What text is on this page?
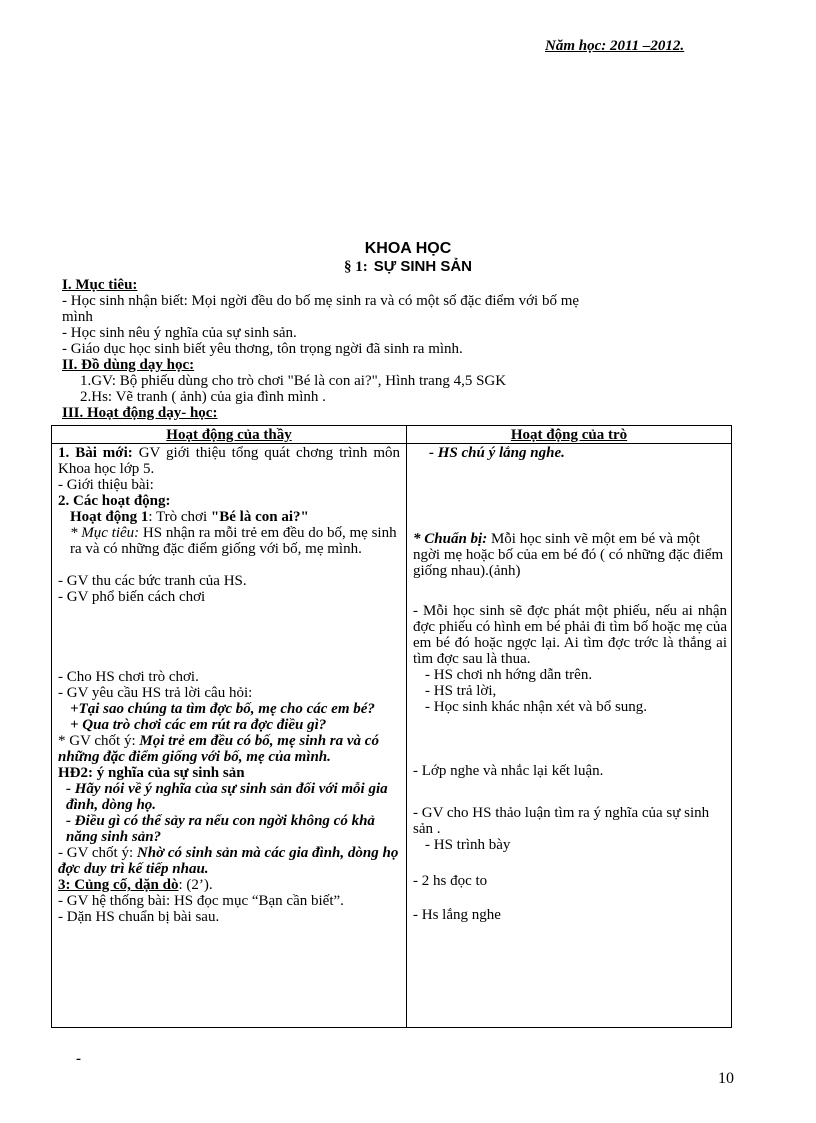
Năm học: 2011 –2012.
KHOA HỌC
§ 1: SỰ SINH SẢN
I. Mục tiêu:
- Học sinh nhận biết: Mọi ngời đều do bố mẹ sinh ra và có một số đặc điểm với bố mẹ
mình
- Học sinh nêu ý nghĩa của sự sinh sản.
- Giáo dục học sinh biết yêu thơng, tôn trọng ngời đã sinh ra mình.
II. Đồ dùng dạy học:
1.GV: Bộ phiếu dùng cho trò chơi "Bé là con ai?", Hình trang 4,5 SGK
2.Hs: Vẽ tranh ( ảnh) của gia đình mình .
III. Hoạt động dạy- học:
Hoạt động của thầy	Hoạt động của trò
1. Bài mới: GV giới thiệu tổng quát chơng trình môn Khoa học lớp 5.
- Giới thiệu bài:
2. Các hoạt động:
Hoạt động 1: Trò chơi "Bé là con ai?"
* Mục tiêu: HS nhận ra mỗi trẻ em đều do bố, mẹ sinh ra và có những đặc điểm giống với bố, mẹ mình.
- GV thu các bức tranh của HS.
- GV phổ biến cách chơi
- Cho HS chơi trò chơi.
- GV yêu cầu HS trả lời câu hỏi:
+Tại sao chúng ta tìm đợc bố, mẹ cho các em bé?
+ Qua trò chơi các em rút ra đợc điều gì?
* GV chốt ý: Mọi trẻ em đều có bố, mẹ sinh ra và có những đặc điểm giống với bố, mẹ của mình.
HĐ2: ý nghĩa của sự sinh sản
- Hãy nói về ý nghĩa của sự sinh sản đối với mỗi gia đình, dòng họ.
- Điều gì có thể sảy ra nếu con ngời không có khả năng sinh sản?
- GV chốt ý: Nhờ có sinh sản mà các gia đình, dòng họ đợc duy trì kế tiếp nhau.
3: Củng cố, dặn dò: (2’).
- GV hệ thống bài: HS đọc mục “Bạn cần biết”.
- Dặn HS chuẩn bị bài sau.
- HS chú ý lắng nghe.
* Chuẩn bị: Mỗi học sinh vẽ một em bé và một ngời mẹ hoặc bố của em bé đó ( có những đặc điểm giống nhau).(ảnh)
- Mỗi học sinh sẽ đợc phát một phiếu, nếu ai nhận đợc phiếu có hình em bé phải đi tìm bố hoặc mẹ của em bé đó hoặc ngợc lại. Ai tìm đợc trớc là thắng ai tìm đợc sau là thua.
- HS chơi nh hớng dẫn trên.
- HS trả lời,
- Học sinh khác nhận xét và bổ sung.
- Lớp nghe và nhắc lại kết luận.
- GV cho HS thảo luận tìm ra ý nghĩa của sự sinh sản .
- HS trình bày
- 2 hs đọc to
- Hs lắng nghe
-
10
